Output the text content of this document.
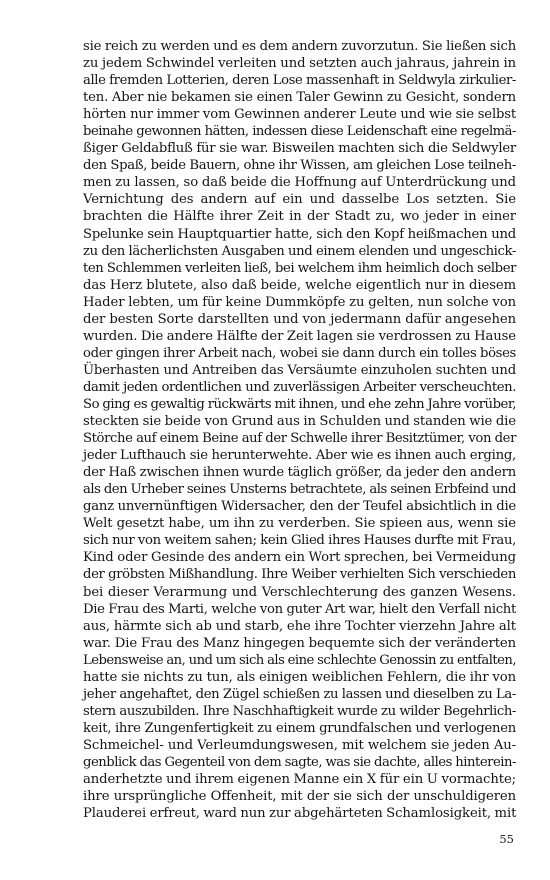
sie reich zu werden und es dem andern zuvorzutun. Sie ließen sich
zu jedem Schwindel verleiten und setzten auch jahraus, jahrein in
alle fremden Lotterien, deren Lose massenhaft in Seldwyla zirkulier-
ten. Aber nie bekamen sie einen Taler Gewinn zu Gesicht, sondern
hörten nur immer vom Gewinnen anderer Leute und wie sie selbst
beinahe gewonnen hätten, indessen diese Leidenschaft eine regelmä-
ßiger Geldabfluß für sie war. Bisweilen machten sich die Seldwyler
den Spaß, beide Bauern, ohne ihr Wissen, am gleichen Lose teilneh-
men zu lassen, so daß beide die Hoffnung auf Unterdrückung und
Vernichtung des andern auf ein und dasselbe Los setzten. Sie
brachten die Hälfte ihrer Zeit in der Stadt zu, wo jeder in einer
Spelunke sein Hauptquartier hatte, sich den Kopf heißmachen und
zu den lächerlichsten Ausgaben und einem elenden und ungeschick-
ten Schlemmen verleiten ließ, bei welchem ihm heimlich doch selber
das Herz blutete, also daß beide, welche eigentlich nur in diesem
Hader lebten, um für keine Dummköpfe zu gelten, nun solche von
der besten Sorte darstellten und von jedermann dafür angesehen
wurden. Die andere Hälfte der Zeit lagen sie verdrossen zu Hause
oder gingen ihrer Arbeit nach, wobei sie dann durch ein tolles böses
Überhasten und Antreiben das Versäumte einzuholen suchten und
damit jeden ordentlichen und zuverlässigen Arbeiter verscheuchten.
So ging es gewaltig rückwärts mit ihnen, und ehe zehn Jahre vorüber,
steckten sie beide von Grund aus in Schulden und standen wie die
Störche auf einem Beine auf der Schwelle ihrer Besitztümer, von der
jeder Lufthauch sie herunterwehte. Aber wie es ihnen auch erging,
der Haß zwischen ihnen wurde täglich größer, da jeder den andern
als den Urheber seines Unsterns betrachtete, als seinen Erbfeind und
ganz unvernünftigen Widersacher, den der Teufel absichtlich in die
Welt gesetzt habe, um ihn zu verderben. Sie spieen aus, wenn sie
sich nur von weitem sahen; kein Glied ihres Hauses durfte mit Frau,
Kind oder Gesinde des andern ein Wort sprechen, bei Vermeidung
der gröbsten Mißhandlung. Ihre Weiber verhielten Sich verschieden
bei dieser Verarmung und Verschlechterung des ganzen Wesens.
Die Frau des Marti, welche von guter Art war, hielt den Verfall nicht
aus, härmte sich ab und starb, ehe ihre Tochter vierzehn Jahre alt
war. Die Frau des Manz hingegen bequemte sich der veränderten
Lebensweise an, und um sich als eine schlechte Genossin zu entfalten,
hatte sie nichts zu tun, als einigen weiblichen Fehlern, die ihr von
jeher angehaftet, den Zügel schießen zu lassen und dieselben zu La-
stern auszubilden. Ihre Naschhaftigkeit wurde zu wilder Begehrlich-
keit, ihre Zungenfertigkeit zu einem grundfalschen und verlogenen
Schmeichel- und Verleumdungswesen, mit welchem sie jeden Au-
genblick das Gegenteil von dem sagte, was sie dachte, alles hinterein-
anderhetzte und ihrem eigenen Manne ein X für ein U vormachte;
ihre ursprüngliche Offenheit, mit der sie sich der unschuldigeren
Plauderei erfreut, ward nun zur abgehärteten Schamlosigkeit, mit
55
